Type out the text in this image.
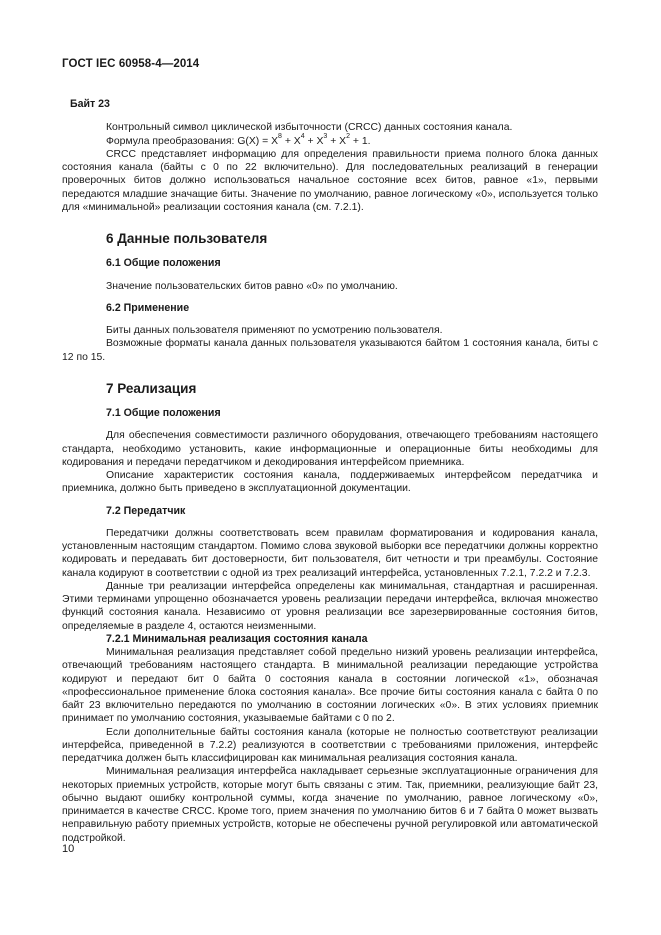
ГОСТ IEC 60958-4—2014

Байт 23

Контрольный символ циклической избыточности (CRCC) данных состояния канала.

Формула преобразования: $G(X) = X^8 + X^4 + X^3 + X^2 + 1$.

CRCC представляет информацию для определения правильности приема полного блока данных состояния канала (байты с 0 по 22 включительно). Для последовательных реализаций в генерации проверочных битов должно использоваться начальное состояние всех битов, равное «1», первыми передаются младшие значащие биты. Значение по умолчанию, равное логическому «0», используется только для «минимальной» реализации состояния канала (см. 7.2.1).

6 Данные пользователя

6.1 Общие положения

Значение пользовательских битов равно «0» по умолчанию.

6.2 Применение

Биты данных пользователя применяют по усмотрению пользователя.

Возможные форматы канала данных пользователя указываются байтом 1 состояния канала, биты с 12 по 15.

7 Реализация

7.1 Общие положения

Для обеспечения совместимости различного оборудования, отвечающего требованиям настоящего стандарта, необходимо установить, какие информационные и операционные биты необходимы для кодирования и передачи передатчиком и декодирования интерфейсом приемника.

Описание характеристик состояния канала, поддерживаемых интерфейсом передатчика и приемника, должно быть приведено в эксплуатационной документации.

7.2 Передатчик

Передатчики должны соответствовать всем правилам форматирования и кодирования канала, установленным настоящим стандартом. Помимо слова звуковой выборки все передатчики должны корректно кодировать и передавать бит достоверности, бит пользователя, бит четности и три преамбулы. Состояние канала кодируют в соответствии с одной из трех реализаций интерфейса, установленных 7.2.1, 7.2.2 и 7.2.3.

Данные три реализации интерфейса определены как минимальная, стандартная и расширенная. Этими терминами упрощенно обозначается уровень реализации передачи интерфейса, включая множество функций состояния канала. Независимо от уровня реализации все зарезервированные состояния битов, определяемые в разделе 4, остаются неизменными.

7.2.1 Минимальная реализация состояния канала

Минимальная реализация представляет собой предельно низкий уровень реализации интерфейса, отвечающий требованиям настоящего стандарта. В минимальной реализации передающие устройства кодируют и передают бит 0 байта 0 состояния канала в состоянии логической «1», обозначая «профессиональное применение блока состояния канала». Все прочие биты состояния канала с байта 0 по байт 23 включительно передаются по умолчанию в состоянии логических «0». В этих условиях приемник принимает по умолчанию состояния, указываемые байтами с 0 по 2.

Если дополнительные байты состояния канала (которые не полностью соответствуют реализации интерфейса, приведенной в 7.2.2) реализуются в соответствии с требованиями приложения, интерфейс передатчика должен быть классифицирован как минимальная реализация состояния канала.

Минимальная реализация интерфейса накладывает серьезные эксплуатационные ограничения для некоторых приемных устройств, которые могут быть связаны с этим. Так, приемники, реализующие байт 23, обычно выдают ошибку контрольной суммы, когда значение по умолчанию, равное логическому «0», принимается в качестве CRCC. Кроме того, прием значения по умолчанию битов 6 и 7 байта 0 может вызвать неправильную работу приемных устройств, которые не обеспечены ручной регулировкой или автоматической подстройкой.

10
